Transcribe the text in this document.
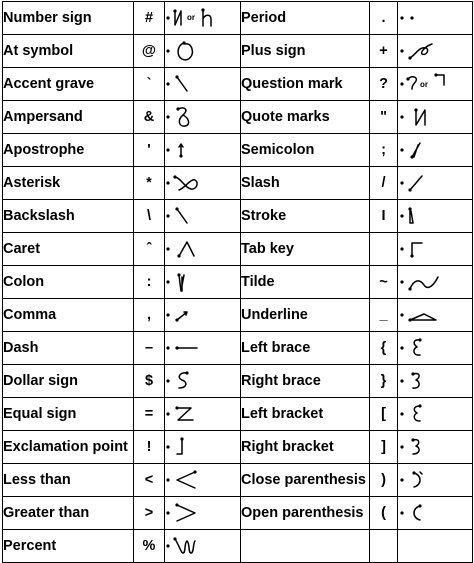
Number sign	#	or	Period	.	

At symbol	@		Plus sign	+	

Accent grave	`		Question mark	?	or

Ampersand	&		Quote marks	"	

Apostrophe	'		Semicolon	;	

Asterisk	*		Slash	/	

Backslash	\		Stroke	I	

Caret	ˆ		Tab key		

Colon	:		Tilde	~	

Comma	,		Underline	_	

Dash	–		Left brace	{	

Dollar sign	$		Right brace	}	

Equal sign	=		Left bracket	[	

Exclamation point	!		Right bracket	]	

Less than	<		Close parenthesis	)	

Greater than	>		Open parenthesis	(	

Percent	%	
